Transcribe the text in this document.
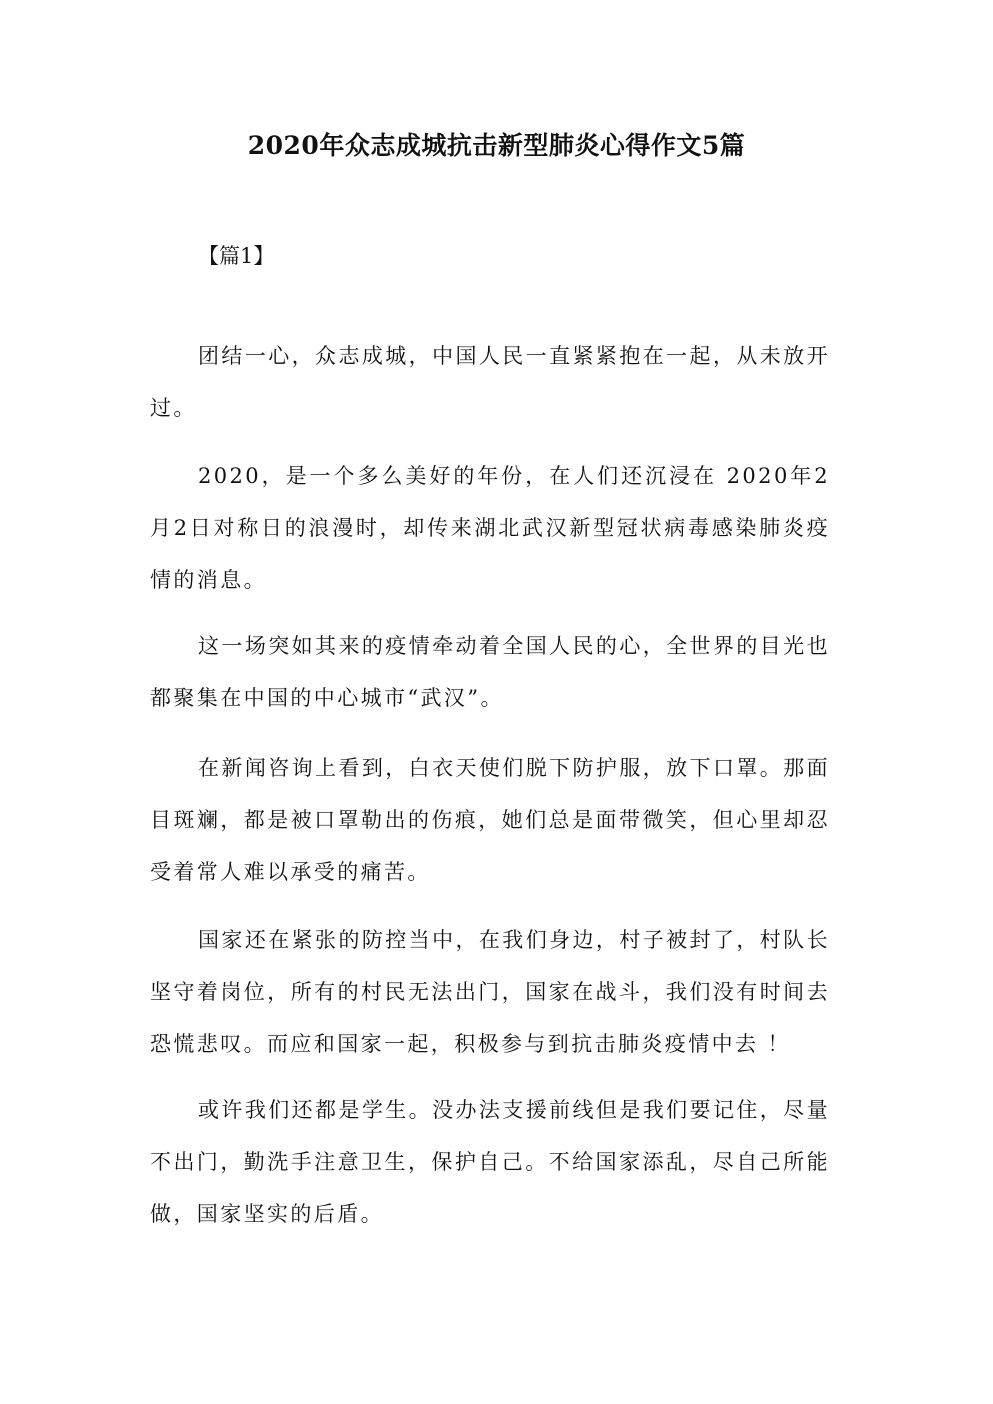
2020年众志成城抗击新型肺炎心得作文5篇

【篇1】

团结一心，众志成城，中国人民一直紧紧抱在一起，从未放开过。

2020，是一个多么美好的年份，在人们还沉浸在 2020年2月2日对称日的浪漫时，却传来湖北武汉新型冠状病毒感染肺炎疫情的消息。

这一场突如其来的疫情牵动着全国人民的心，全世界的目光也都聚集在中国的中心城市“武汉”。

在新闻咨询上看到，白衣天使们脱下防护服，放下口罩。那面目斑斓，都是被口罩勒出的伤痕，她们总是面带微笑，但心里却忍受着常人难以承受的痛苦。

国家还在紧张的防控当中，在我们身边，村子被封了，村队长坚守着岗位，所有的村民无法出门，国家在战斗，我们没有时间去恐慌悲叹。而应和国家一起，积极参与到抗击肺炎疫情中去 ！

或许我们还都是学生。没办法支援前线但是我们要记住，尽量不出门，勤洗手注意卫生，保护自己。不给国家添乱，尽自己所能做，国家坚实的后盾。
